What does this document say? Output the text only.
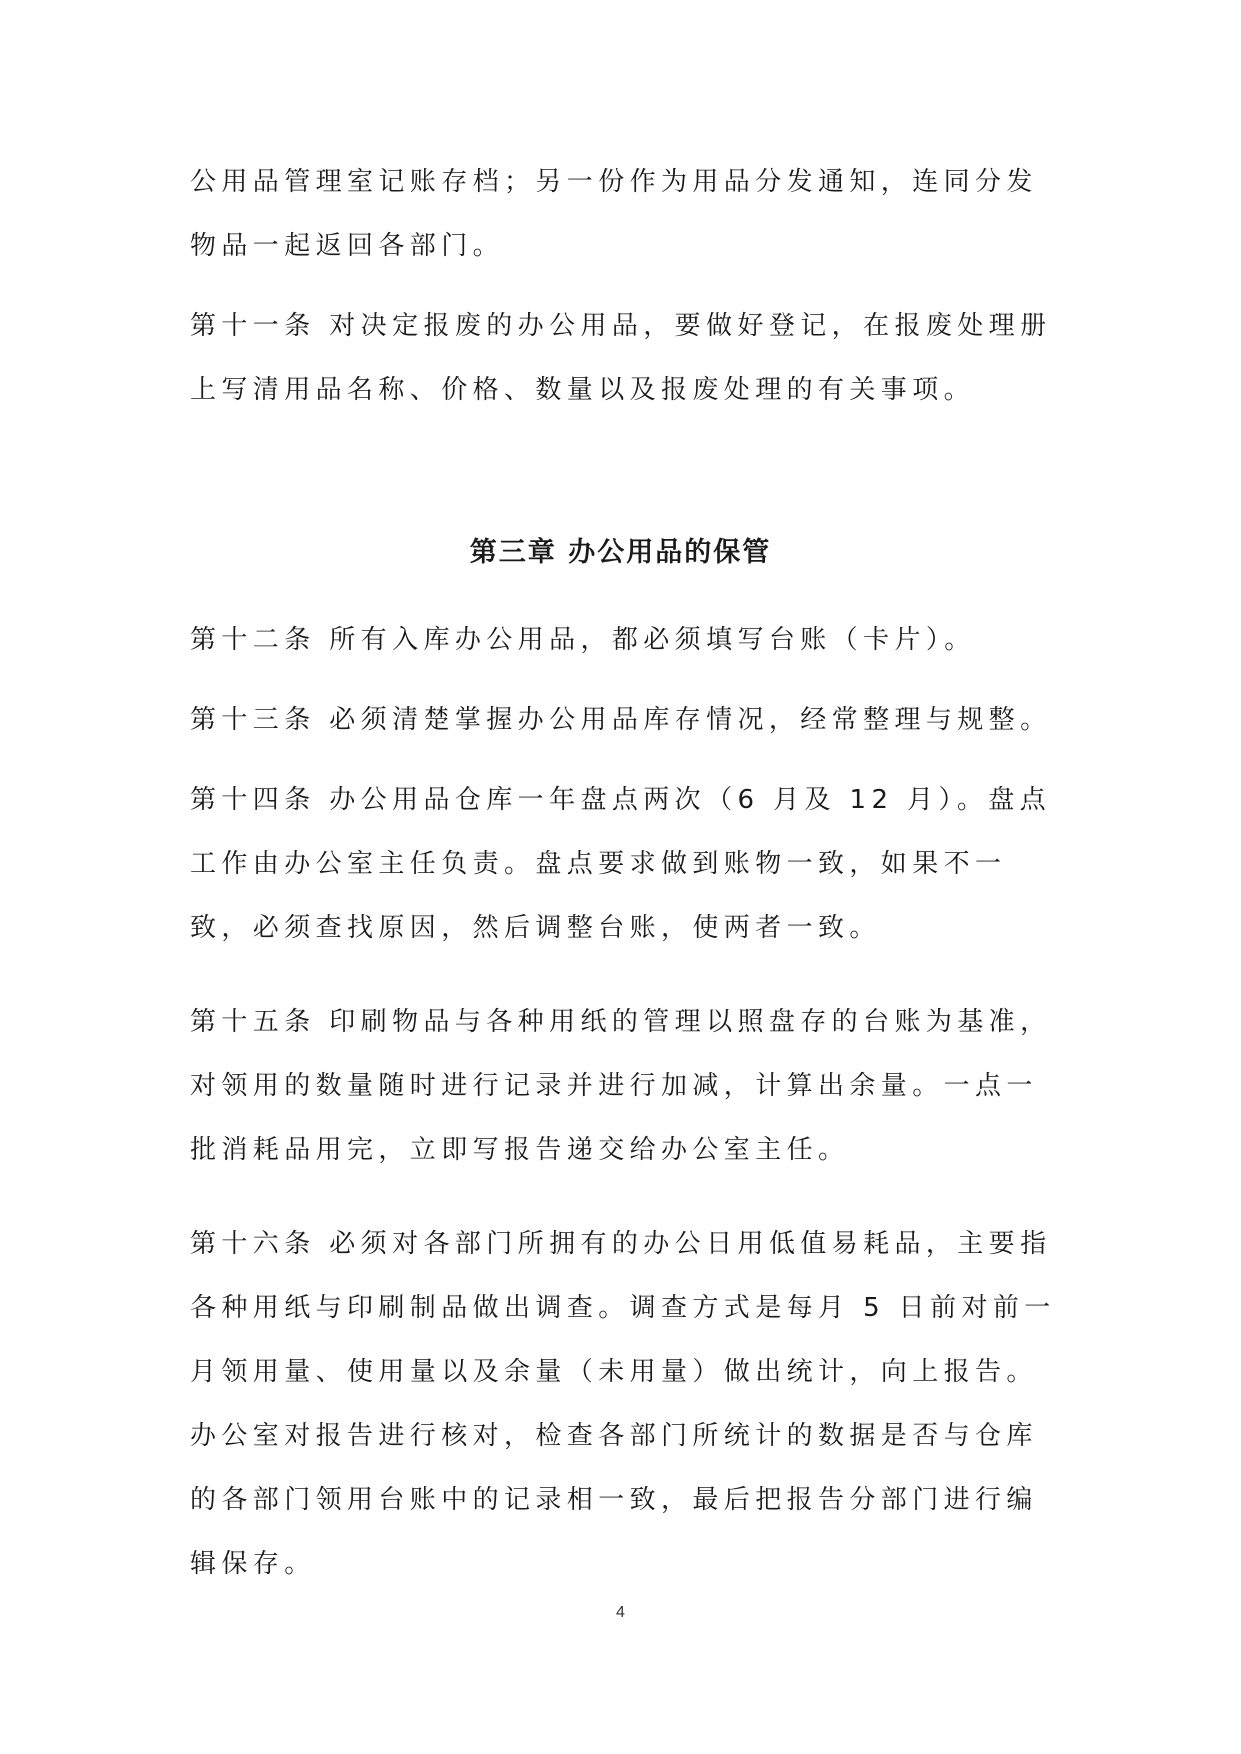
公用品管理室记账存档；另一份作为用品分发通知，连同分发物品一起返回各部门。

第十一条 对决定报废的办公用品，要做好登记，在报废处理册上写清用品名称、价格、数量以及报废处理的有关事项。

第三章 办公用品的保管

第十二条 所有入库办公用品，都必须填写台账（卡片）。

第十三条 必须清楚掌握办公用品库存情况，经常整理与规整。

第十四条 办公用品仓库一年盘点两次（6 月及 12 月）。盘点工作由办公室主任负责。盘点要求做到账物一致，如果不一致，必须查找原因，然后调整台账，使两者一致。

第十五条 印刷物品与各种用纸的管理以照盘存的台账为基准，对领用的数量随时进行记录并进行加减，计算出余量。一点一批消耗品用完，立即写报告递交给办公室主任。

第十六条 必须对各部门所拥有的办公日用低值易耗品，主要指各种用纸与印刷制品做出调查。调查方式是每月 5 日前对前一月领用量、使用量以及余量（未用量）做出统计，向上报告。办公室对报告进行核对，检查各部门所统计的数据是否与仓库的各部门领用台账中的记录相一致，最后把报告分部门进行编辑保存。

4
